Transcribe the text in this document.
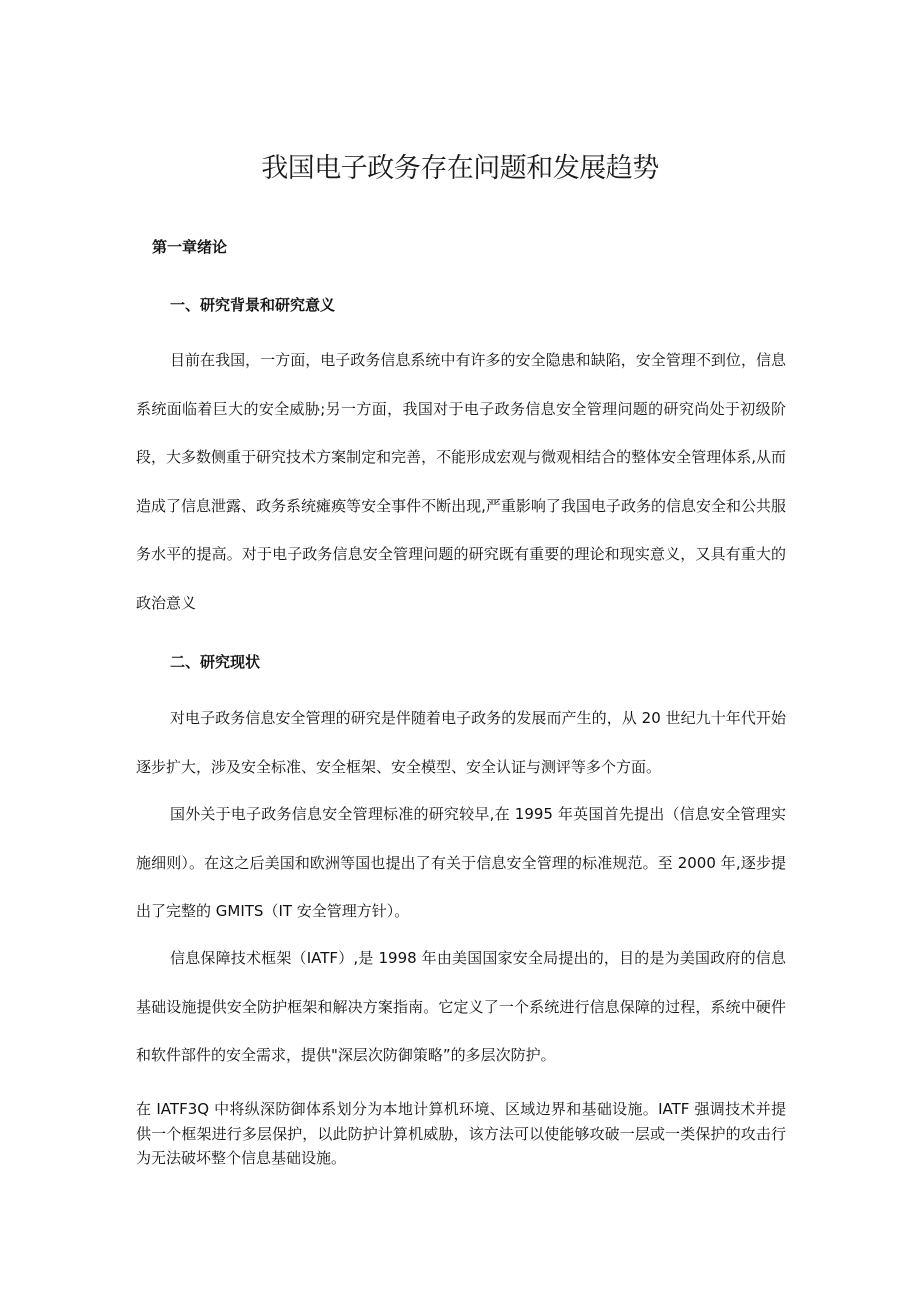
我国电子政务存在问题和发展趋势
第一章绪论
一、研究背景和研究意义

目前在我国，一方面，电子政务信息系统中有许多的安全隐患和缺陷，安全管理不到位，信息系统面临着巨大的安全威胁;另一方面，我国对于电子政务信息安全管理问题的研究尚处于初级阶段，大多数侧重于研究技术方案制定和完善，不能形成宏观与微观相结合的整体安全管理体系,从而造成了信息泄露、政务系统瘫痪等安全事件不断出现,严重影响了我国电子政务的信息安全和公共服务水平的提高。对于电子政务信息安全管理问题的研究既有重要的理论和现实意义，又具有重大的政治意义

二、研究现状

对电子政务信息安全管理的研究是伴随着电子政务的发展而产生的，从 20 世纪九十年代开始逐步扩大，涉及安全标准、安全框架、安全模型、安全认证与测评等多个方面。

国外关于电子政务信息安全管理标准的研究较早,在 1995 年英国首先提出（信息安全管理实施细则）。在这之后美国和欧洲等国也提出了有关于信息安全管理的标准规范。至 2000 年,逐步提出了完整的 GMITS（IT 安全管理方针）。

信息保障技术框架（IATF）,是 1998 年由美国国家安全局提出的，目的是为美国政府的信息基础设施提供安全防护框架和解决方案指南。它定义了一个系统进行信息保障的过程，系统中硬件和软件部件的安全需求，提供"深层次防御策略”的多层次防护。

在 IATF3Q 中将纵深防御体系划分为本地计算机环境、区域边界和基础设施。IATF 强调技术并提供一个框架进行多层保护，以此防护计算机威胁，该方法可以使能够攻破一层或一类保护的攻击行为无法破坏整个信息基础设施。
